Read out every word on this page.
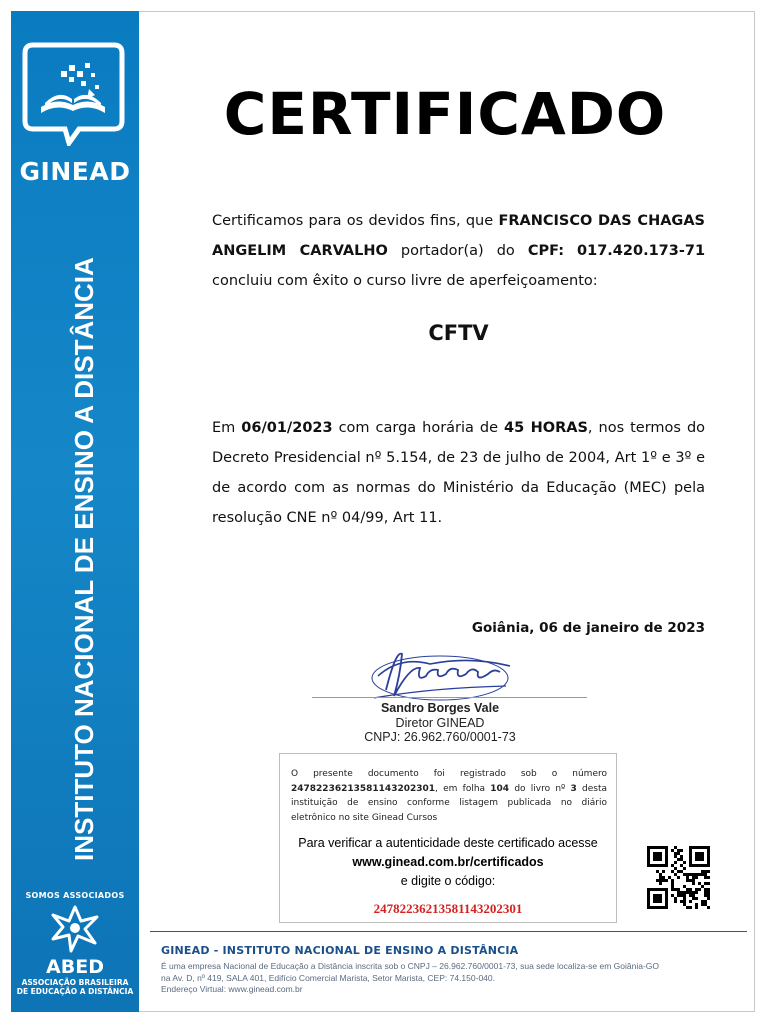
GINEAD
INSTITUTO NACIONAL DE ENSINO A DISTÂNCIA
SOMOS ASSOCIADOS
ABED
ASSOCIAÇÃO BRASILEIRA
DE EDUCAÇÃO A DISTÂNCIA
CERTIFICADO
Certificamos para os devidos fins, que FRANCISCO DAS CHAGAS ANGELIM CARVALHO portador(a) do CPF: 017.420.173-71 concluiu com êxito o curso livre de aperfeiçoamento:
CFTV
Em 06/01/2023 com carga horária de 45 HORAS, nos termos do Decreto Presidencial nº 5.154, de 23 de julho de 2004, Art 1º e 3º e de acordo com as normas do Ministério da Educação (MEC) pela resolução CNE nº 04/99, Art 11.
Goiânia, 06 de janeiro de 2023
Sandro Borges Vale
Diretor GINEAD
CNPJ: 26.962.760/0001-73
O presente documento foi registrado sob o número 24782236213581143202301, em folha 104 do livro nº 3 desta instituição de ensino conforme listagem publicada no diário eletrônico no site Ginead Cursos
Para verificar a autenticidade deste certificado acesse
www.ginead.com.br/certificados
e digite o código:
24782236213581143202301
GINEAD - INSTITUTO NACIONAL DE ENSINO A DISTÂNCIA
É uma empresa Nacional de Educação a Distância inscrita sob o CNPJ – 26.962.760/0001-73, sua sede localiza-se em Goiânia-GO
na Av. D, nº 419, SALA 401, Edifício Comercial Marista, Setor Marista, CEP: 74.150-040.
Endereço Virtual: www.ginead.com.br
